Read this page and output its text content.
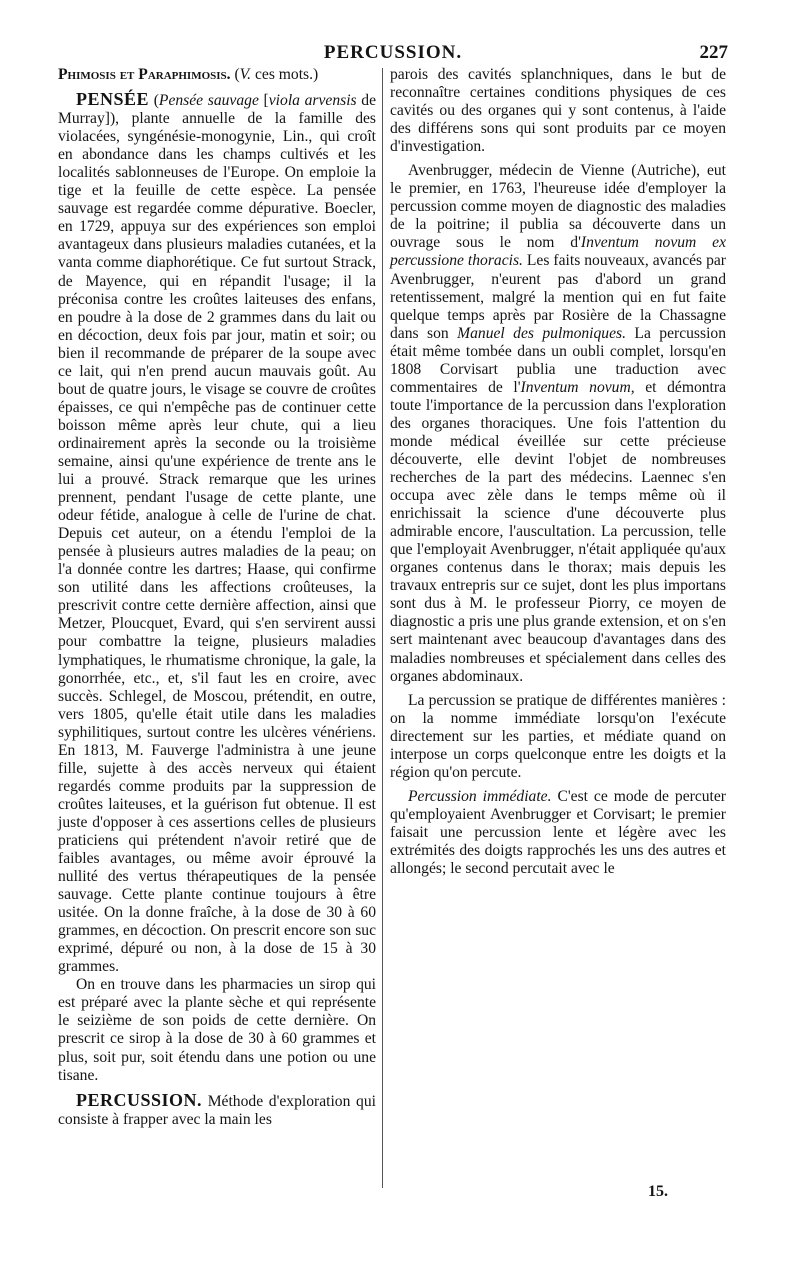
PERCUSSION.	227

Phimosis et Paraphimosis. (V. ces mots.)

PENSÉE (Pensée sauvage [viola arvensis de Murray]), plante annuelle de la famille des violacées, syngénésie-monogynie, Lin., qui croît en abondance dans les champs cultivés et les localités sablonneuses de l'Europe. On emploie la tige et la feuille de cette espèce. La pensée sauvage est regardée comme dépurative. Boecler, en 1729, appuya sur des expériences son emploi avantageux dans plusieurs maladies cutanées, et la vanta comme diaphorétique. Ce fut surtout Strack, de Mayence, qui en répandit l'usage; il la préconisa contre les croûtes laiteuses des enfans, en poudre à la dose de 2 grammes dans du lait ou en décoction, deux fois par jour, matin et soir; ou bien il recommande de préparer de la soupe avec ce lait, qui n'en prend aucun mauvais goût. Au bout de quatre jours, le visage se couvre de croûtes épaisses, ce qui n'empêche pas de continuer cette boisson même après leur chute, qui a lieu ordinairement après la seconde ou la troisième semaine, ainsi qu'une expérience de trente ans le lui a prouvé. Strack remarque que les urines prennent, pendant l'usage de cette plante, une odeur fétide, analogue à celle de l'urine de chat. Depuis cet auteur, on a étendu l'emploi de la pensée à plusieurs autres maladies de la peau; on l'a donnée contre les dartres; Haase, qui confirme son utilité dans les affections croûteuses, la prescrivit contre cette dernière affection, ainsi que Metzer, Ploucquet, Evard, qui s'en servirent aussi pour combattre la teigne, plusieurs maladies lymphatiques, le rhumatisme chronique, la gale, la gonorrhée, etc., et, s'il faut les en croire, avec succès. Schlegel, de Moscou, prétendit, en outre, vers 1805, qu'elle était utile dans les maladies syphilitiques, surtout contre les ulcères vénériens. En 1813, M. Fauverge l'administra à une jeune fille, sujette à des accès nerveux qui étaient regardés comme produits par la suppression de croûtes laiteuses, et la guérison fut obtenue. Il est juste d'opposer à ces assertions celles de plusieurs praticiens qui prétendent n'avoir retiré que de faibles avantages, ou même avoir éprouvé la nullité des vertus thérapeutiques de la pensée sauvage. Cette plante continue toujours à être usitée. On la donne fraîche, à la dose de 30 à 60 grammes, en décoction. On prescrit encore son suc exprimé, dépuré ou non, à la dose de 15 à 30 grammes.

On en trouve dans les pharmacies un sirop qui est préparé avec la plante sèche et qui représente le seizième de son poids de cette dernière. On prescrit ce sirop à la dose de 30 à 60 grammes et plus, soit pur, soit étendu dans une potion ou une tisane.

PERCUSSION. Méthode d'exploration qui consiste à frapper avec la main les

parois des cavités splanchniques, dans le but de reconnaître certaines conditions physiques de ces cavités ou des organes qui y sont contenus, à l'aide des différens sons qui sont produits par ce moyen d'investigation.

Avenbrugger, médecin de Vienne (Autriche), eut le premier, en 1763, l'heureuse idée d'employer la percussion comme moyen de diagnostic des maladies de la poitrine; il publia sa découverte dans un ouvrage sous le nom d'Inventum novum ex percussione thoracis. Les faits nouveaux, avancés par Avenbrugger, n'eurent pas d'abord un grand retentissement, malgré la mention qui en fut faite quelque temps après par Rosière de la Chassagne dans son Manuel des pulmoniques. La percussion était même tombée dans un oubli complet, lorsqu'en 1808 Corvisart publia une traduction avec commentaires de l'Inventum novum, et démontra toute l'importance de la percussion dans l'exploration des organes thoraciques. Une fois l'attention du monde médical éveillée sur cette précieuse découverte, elle devint l'objet de nombreuses recherches de la part des médecins. Laennec s'en occupa avec zèle dans le temps même où il enrichissait la science d'une découverte plus admirable encore, l'auscultation. La percussion, telle que l'employait Avenbrugger, n'était appliquée qu'aux organes contenus dans le thorax; mais depuis les travaux entrepris sur ce sujet, dont les plus importans sont dus à M. le professeur Piorry, ce moyen de diagnostic a pris une plus grande extension, et on s'en sert maintenant avec beaucoup d'avantages dans des maladies nombreuses et spécialement dans celles des organes abdominaux.

La percussion se pratique de différentes manières : on la nomme immédiate lorsqu'on l'exécute directement sur les parties, et médiate quand on interpose un corps quelconque entre les doigts et la région qu'on percute.

Percussion immédiate. C'est ce mode de percuter qu'employaient Avenbrugger et Corvisart; le premier faisait une percussion lente et légère avec les extrémités des doigts rapprochés les uns des autres et allongés; le second percutait avec le

15.
